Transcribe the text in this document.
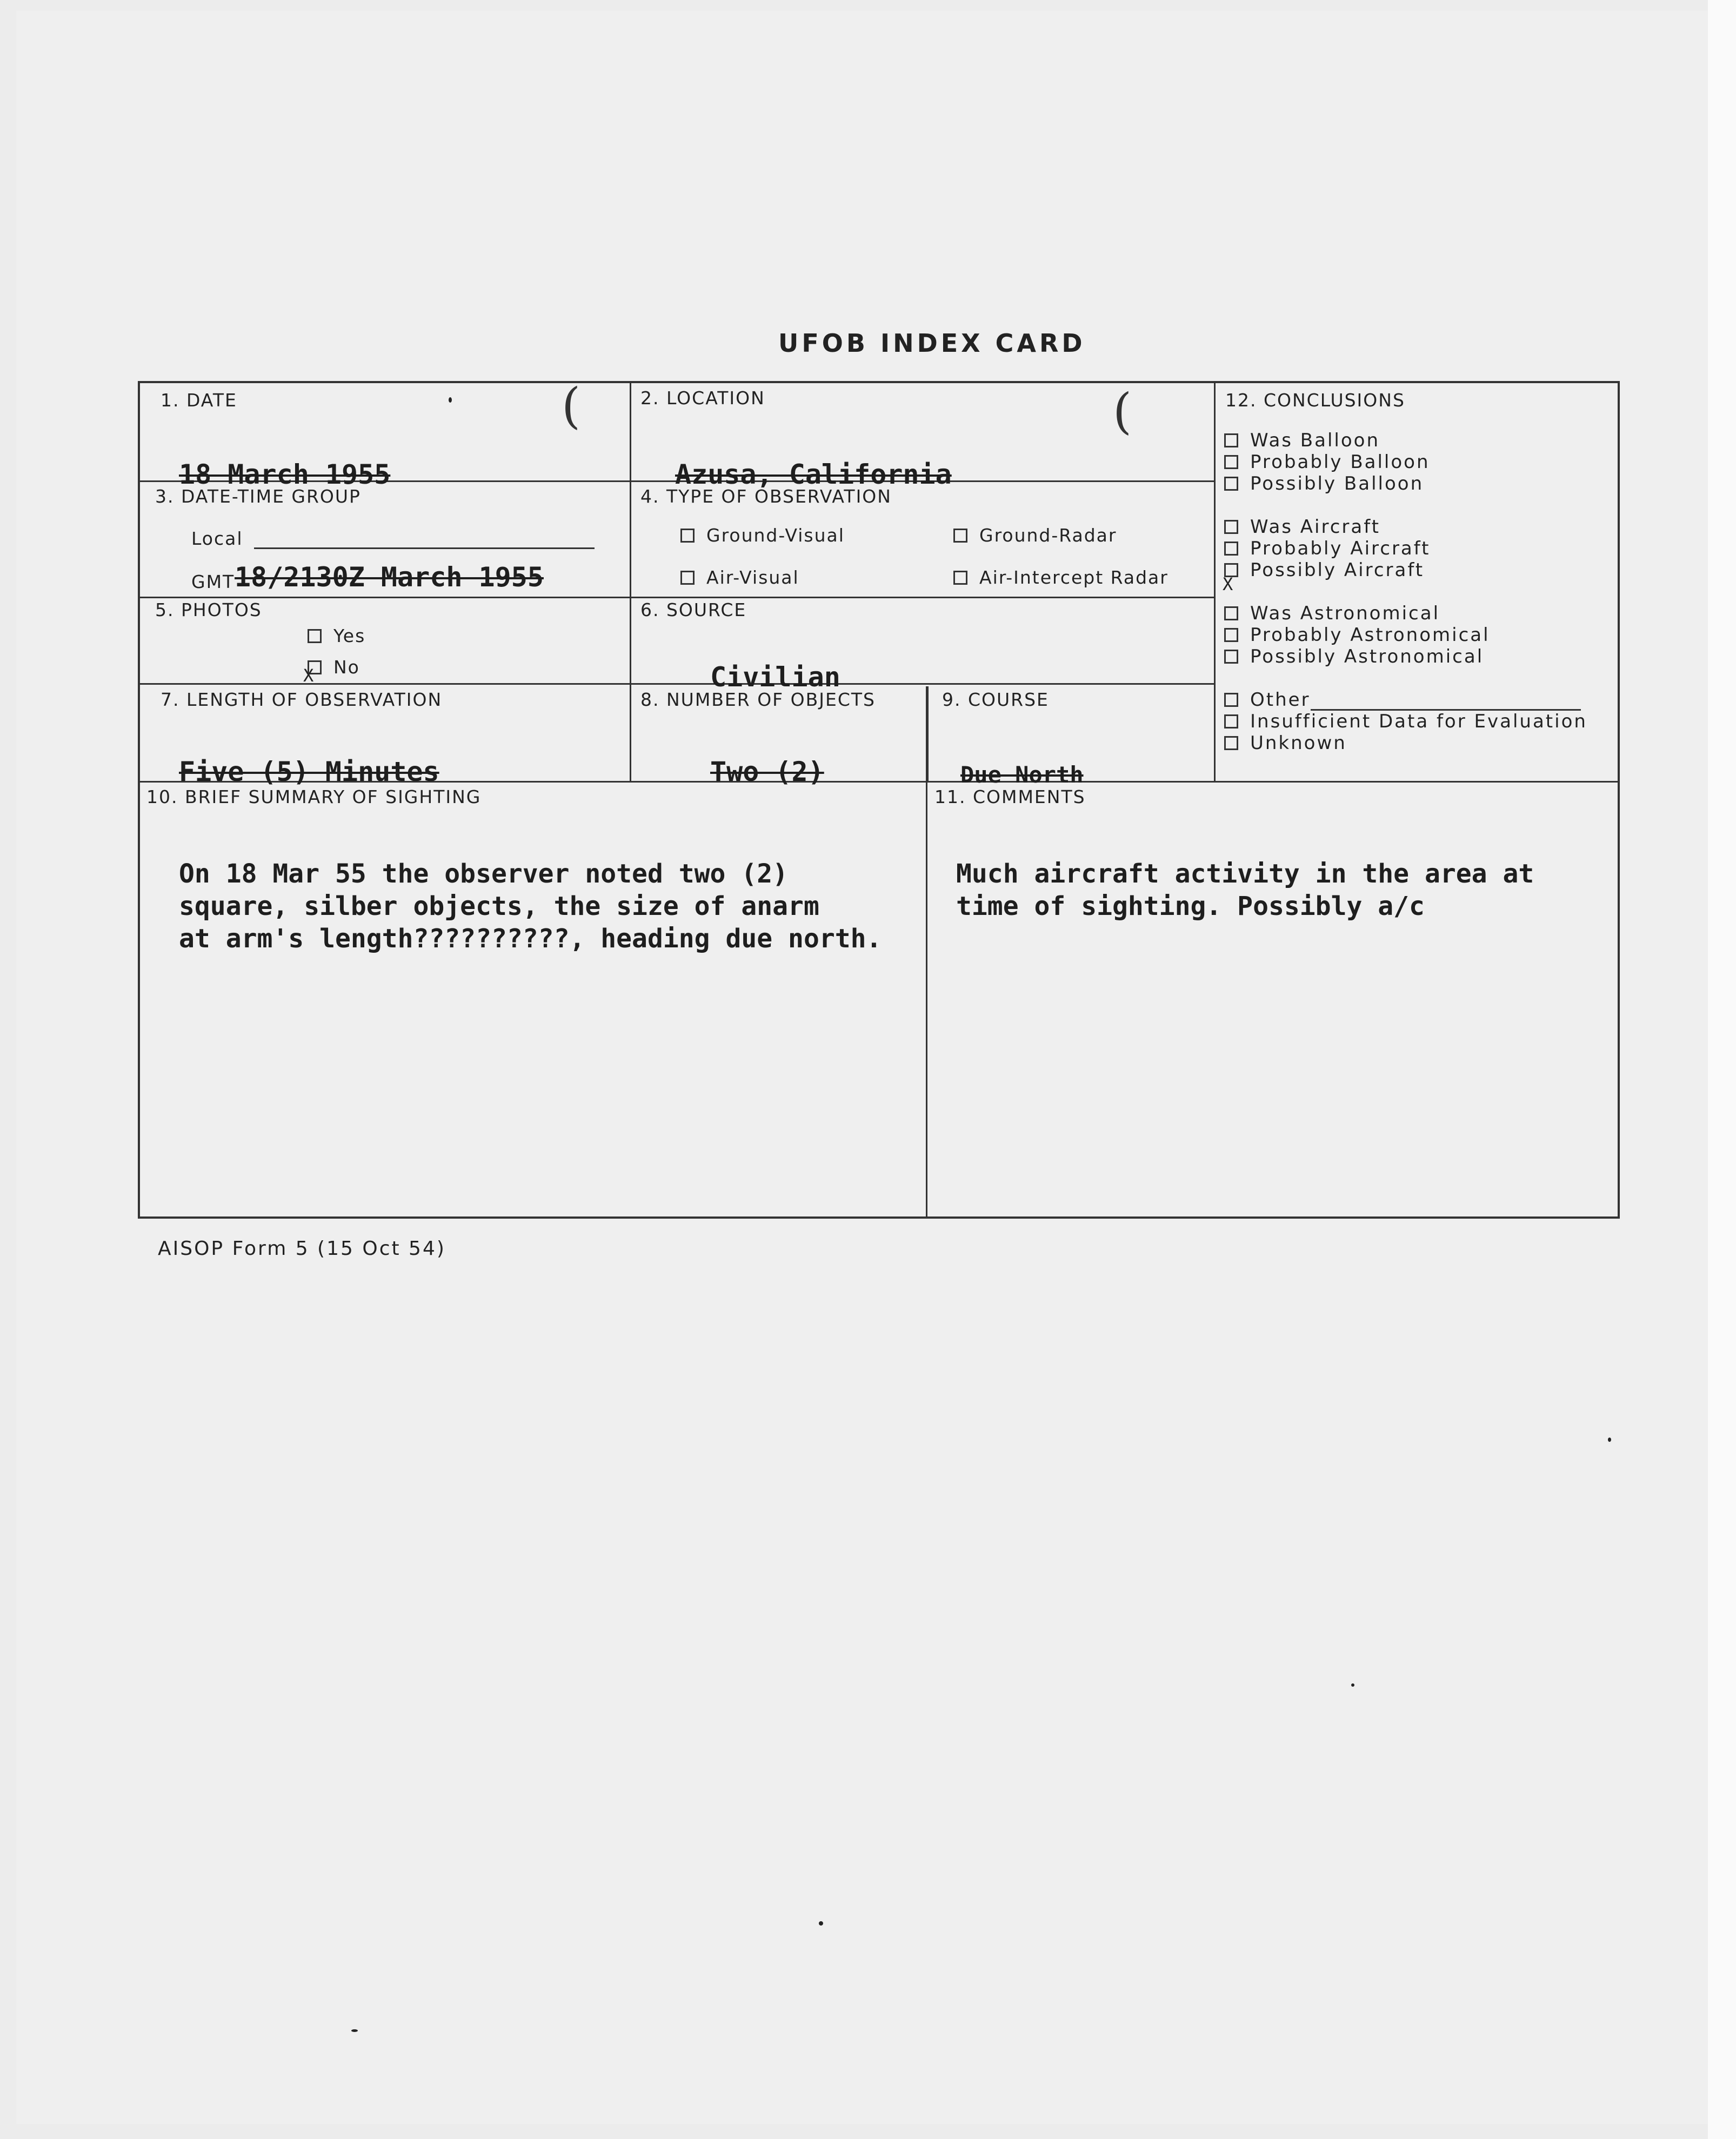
UFOB INDEX CARD
1. DATE
18 March 1955
(	2. LOCATION
Azusa, California
(
3. DATE-TIME GROUP
Local
GMT 18/2130Z March 1955
4. TYPE OF OBSERVATION
Ground-Visual	Ground-Radar
Air-Visual	Air-Intercept Radar
5. PHOTOS
Yes
No
X
6. SOURCE
Civilian
7. LENGTH OF OBSERVATION
Five (5) Minutes
8. NUMBER OF OBJECTS
Two (2)
9. COURSE
Due North
10. BRIEF SUMMARY OF SIGHTING
On 18 Mar 55 the observer noted two (2)
square, silber objects, the size of anarm
at arm's length??????????, heading due north.
11. COMMENTS
Much aircraft activity in the area at
time of sighting. Possibly a/c
12. CONCLUSIONS
Was Balloon
Probably Balloon
Possibly Balloon
Was Aircraft
Probably Aircraft
Possibly Aircraft
X
Was Astronomical
Probably Astronomical
Possibly Astronomical
Other
Insufficient Data for Evaluation
Unknown
AISOP Form 5 (15 Oct 54)
